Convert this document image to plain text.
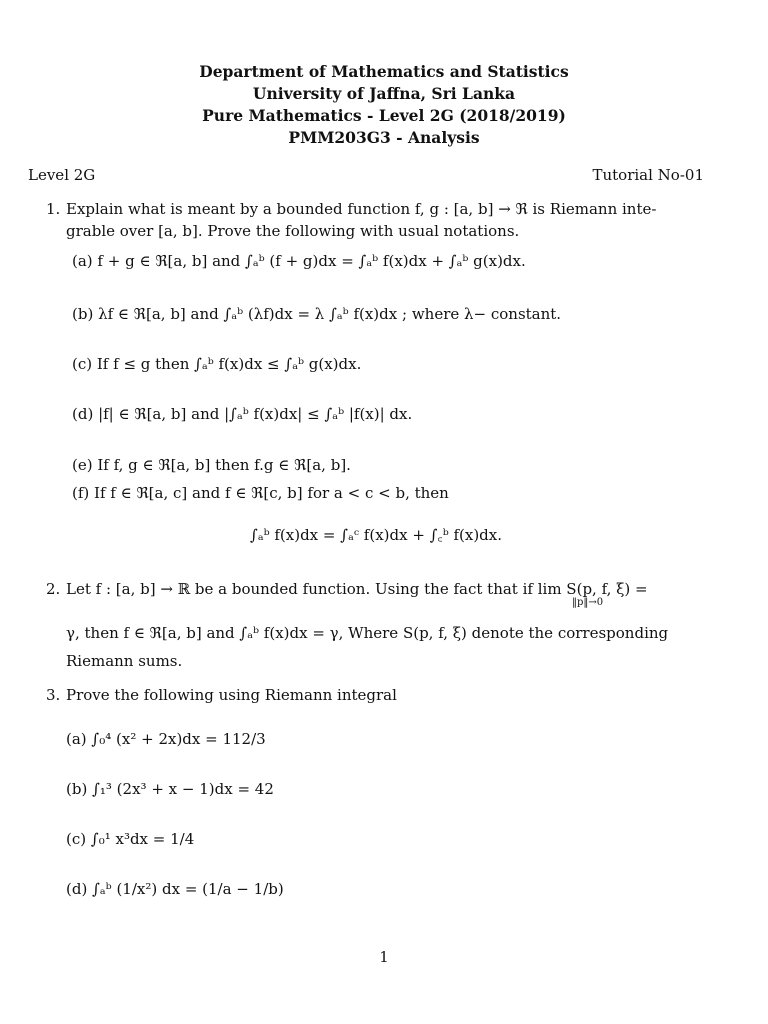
Department of Mathematics and Statistics
University of Jaffna, Sri Lanka
Pure Mathematics - Level 2G (2018/2019)
PMM203G3 - Analysis
Level 2G	Tutorial No-01
1. Explain what is meant by a bounded function f, g : [a, b] → ℜ is Riemann inte-
grable over [a, b]. Prove the following with usual notations.
(a) f + g ∈ ℜ[a, b] and ∫ₐᵇ (f + g)dx = ∫ₐᵇ f(x)dx + ∫ₐᵇ g(x)dx.
(b) λf ∈ ℜ[a, b] and ∫ₐᵇ (λf)dx = λ ∫ₐᵇ f(x)dx ; where λ− constant.
(c) If f ≤ g then ∫ₐᵇ f(x)dx ≤ ∫ₐᵇ g(x)dx.
(d) |f| ∈ ℜ[a, b] and |∫ₐᵇ f(x)dx| ≤ ∫ₐᵇ |f(x)| dx.
(e) If f, g ∈ ℜ[a, b] then f.g ∈ ℜ[a, b].
(f) If f ∈ ℜ[a, c] and f ∈ ℜ[c, b] for a < c < b, then
∫ₐᵇ f(x)dx = ∫ₐᶜ f(x)dx + ∫꜀ᵇ f(x)dx.
2. Let f : [a, b] → ℝ be a bounded function. Using the fact that if lim S(p, f, ξ) =
‖p‖→0
γ, then f ∈ ℜ[a, b] and ∫ₐᵇ f(x)dx = γ, Where S(p, f, ξ) denote the corresponding
Riemann sums.
3. Prove the following using Riemann integral
(a) ∫₀⁴ (x² + 2x)dx = 112/3
(b) ∫₁³ (2x³ + x − 1)dx = 42
(c) ∫₀¹ x³dx = 1/4
(d) ∫ₐᵇ (1/x²) dx = (1/a − 1/b)
1
